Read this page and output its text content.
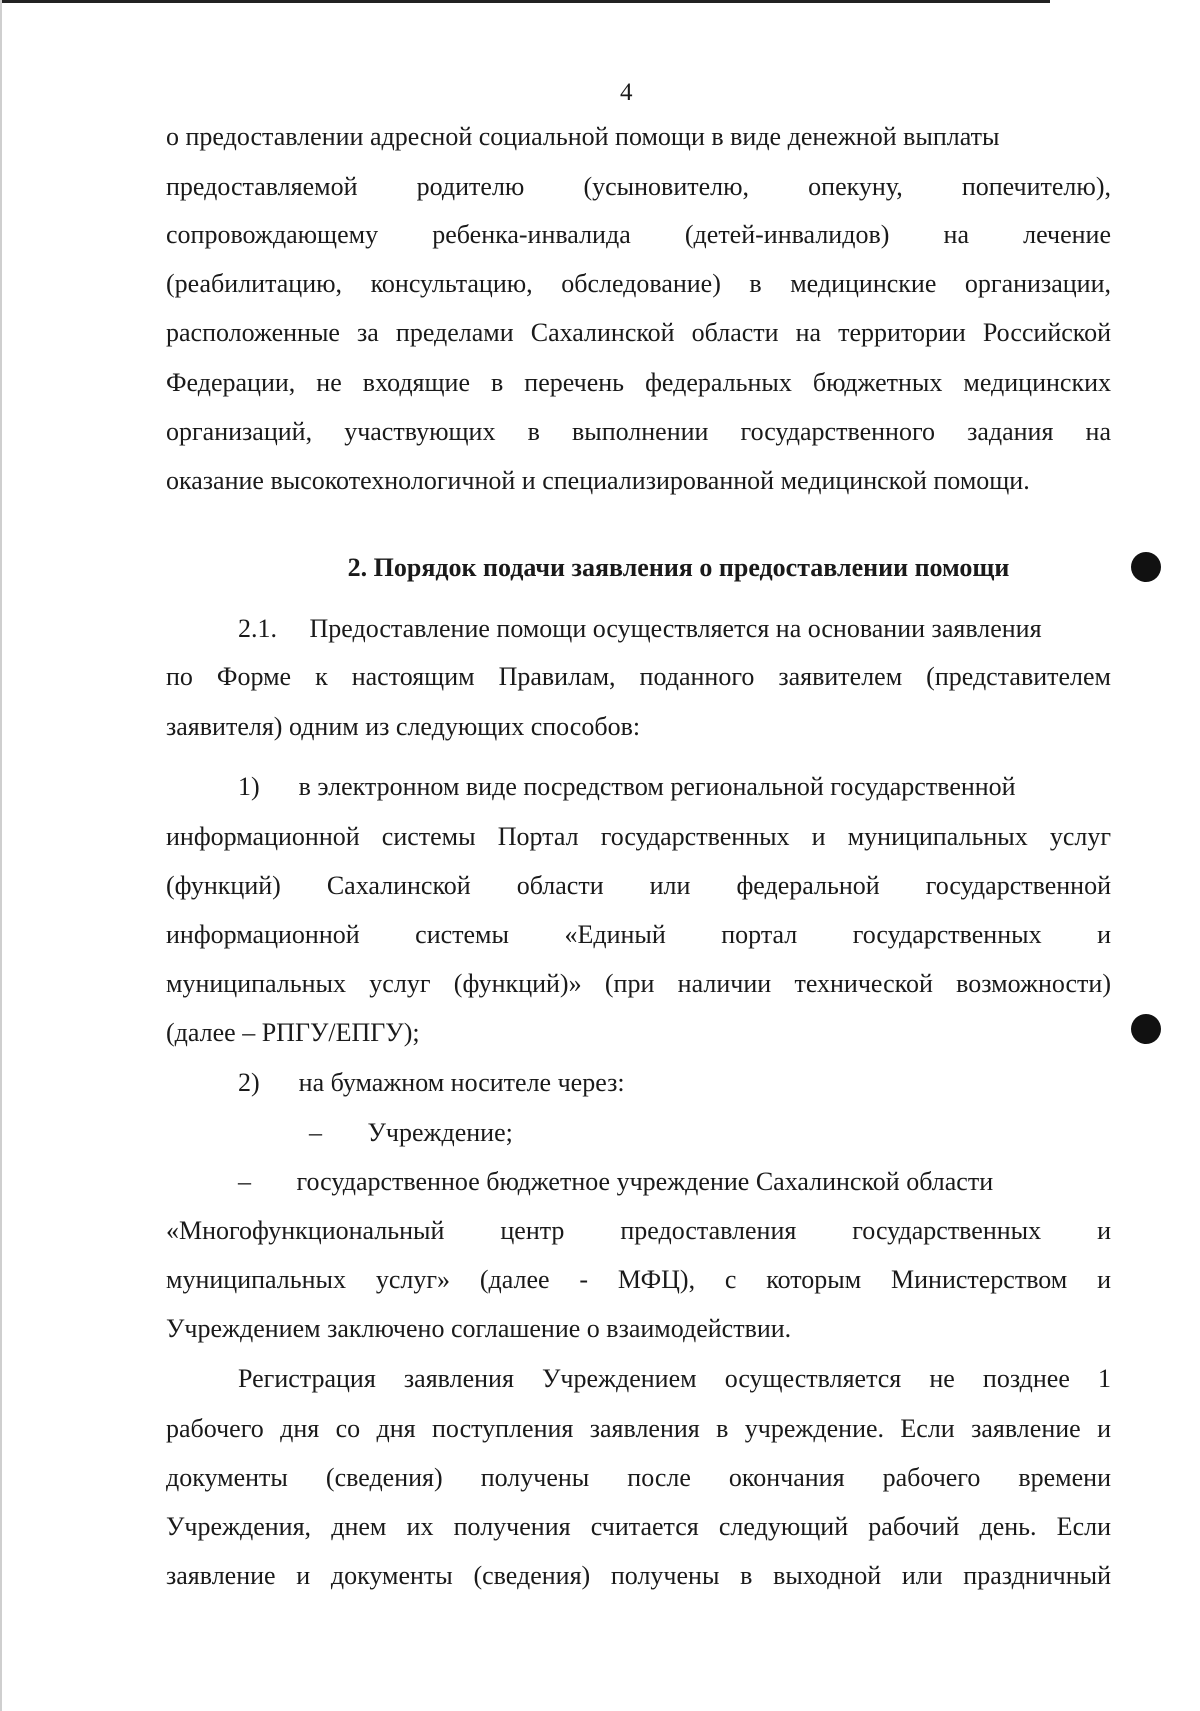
4
о предоставлении адресной социальной помощи в виде денежной выплаты
предоставляемой родителю (усыновителю, опекуну, попечителю),
сопровождающему ребенка-инвалида (детей-инвалидов) на лечение
(реабилитацию, консультацию, обследование) в медицинские организации,
расположенные за пределами Сахалинской области на территории Российской
Федерации, не входящие в перечень федеральных бюджетных медицинских
организаций, участвующих в выполнении государственного задания на
оказание высокотехнологичной и специализированной медицинской помощи.
2. Порядок подачи заявления о предоставлении помощи
2.1.     Предоставление помощи осуществляется на основании заявления
по Форме к настоящим Правилам, поданного заявителем (представителем
заявителя) одним из следующих способов:
1)      в электронном виде посредством региональной государственной
информационной системы Портал государственных и муниципальных услуг
(функций) Сахалинской области или федеральной государственной
информационной системы «Единый портал государственных и
муниципальных услуг (функций)» (при наличии технической возможности)
(далее – РПГУ/ЕПГУ);
2)      на бумажном носителе через:
–       Учреждение;
–       государственное бюджетное учреждение Сахалинской области
«Многофункциональный центр предоставления государственных и
муниципальных услуг» (далее - МФЦ), с которым Министерством и
Учреждением заключено соглашение о взаимодействии.
Регистрация заявления Учреждением осуществляется не позднее 1
рабочего дня со дня поступления заявления в учреждение. Если заявление и
документы (сведения) получены после окончания рабочего времени
Учреждения, днем их получения считается следующий рабочий день. Если
заявление и документы (сведения) получены в выходной или праздничный
